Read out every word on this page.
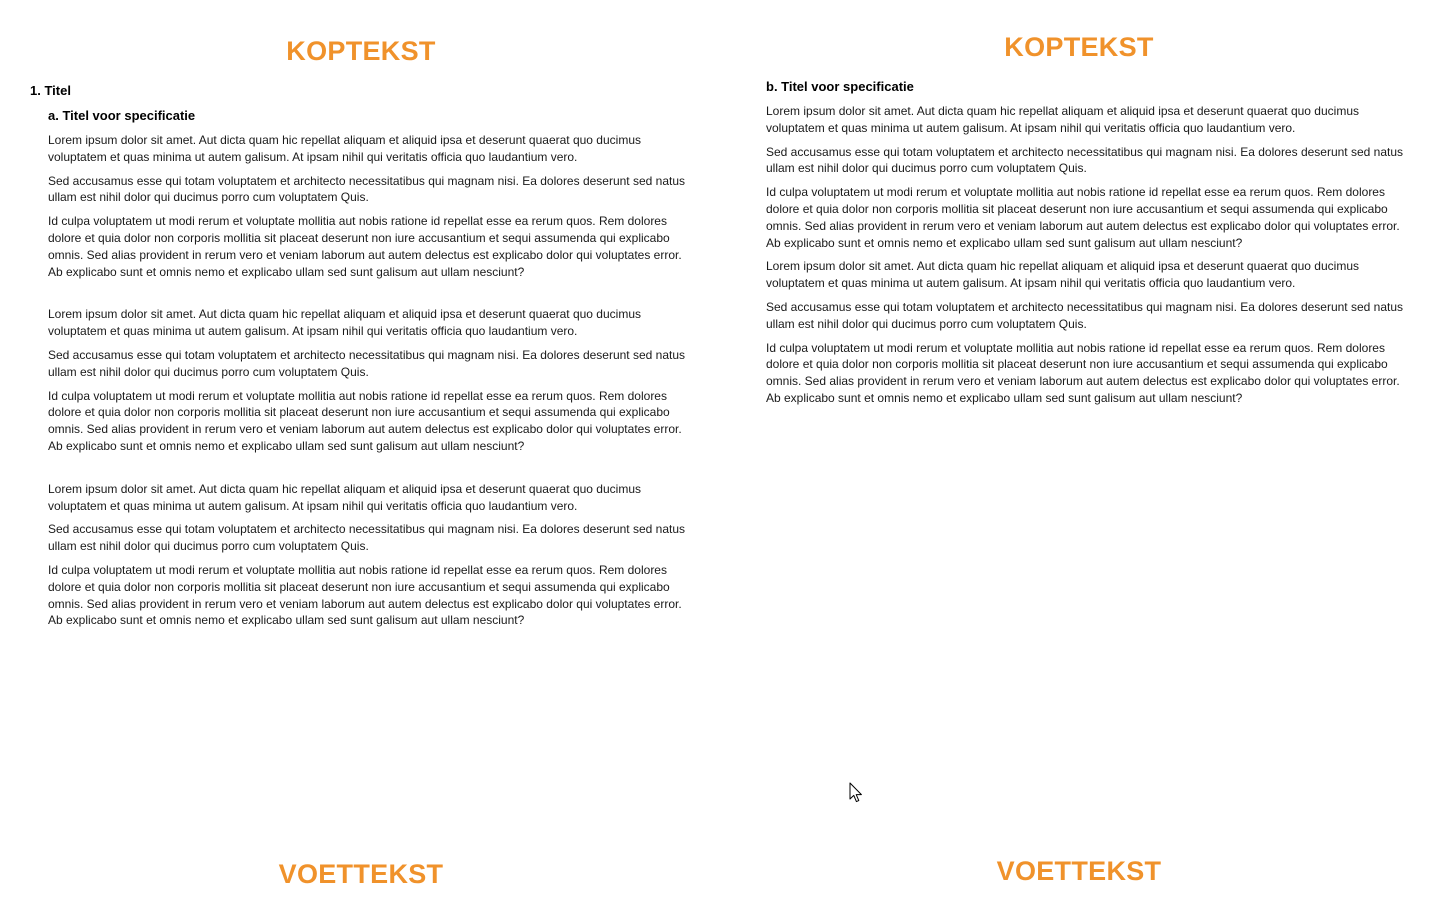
KOPTEKST
1. Titel
a. Titel voor specificatie

Lorem ipsum dolor sit amet. Aut dicta quam hic repellat aliquam et aliquid ipsa et deserunt quaerat quo ducimus voluptatem et quas minima ut autem galisum. At ipsam nihil qui veritatis officia quo laudantium vero.

Sed accusamus esse qui totam voluptatem et architecto necessitatibus qui magnam nisi. Ea dolores deserunt sed natus ullam est nihil dolor qui ducimus porro cum voluptatem Quis.

Id culpa voluptatem ut modi rerum et voluptate mollitia aut nobis ratione id repellat esse ea rerum quos. Rem dolores dolore et quia dolor non corporis mollitia sit placeat deserunt non iure accusantium et sequi assumenda qui explicabo omnis. Sed alias provident in rerum vero et veniam laborum aut autem delectus est explicabo dolor qui voluptates error. Ab explicabo sunt et omnis nemo et explicabo ullam sed sunt galisum aut ullam nesciunt?

Lorem ipsum dolor sit amet. Aut dicta quam hic repellat aliquam et aliquid ipsa et deserunt quaerat quo ducimus voluptatem et quas minima ut autem galisum. At ipsam nihil qui veritatis officia quo laudantium vero.

Sed accusamus esse qui totam voluptatem et architecto necessitatibus qui magnam nisi. Ea dolores deserunt sed natus ullam est nihil dolor qui ducimus porro cum voluptatem Quis.

Id culpa voluptatem ut modi rerum et voluptate mollitia aut nobis ratione id repellat esse ea rerum quos. Rem dolores dolore et quia dolor non corporis mollitia sit placeat deserunt non iure accusantium et sequi assumenda qui explicabo omnis. Sed alias provident in rerum vero et veniam laborum aut autem delectus est explicabo dolor qui voluptates error. Ab explicabo sunt et omnis nemo et explicabo ullam sed sunt galisum aut ullam nesciunt?

Lorem ipsum dolor sit amet. Aut dicta quam hic repellat aliquam et aliquid ipsa et deserunt quaerat quo ducimus voluptatem et quas minima ut autem galisum. At ipsam nihil qui veritatis officia quo laudantium vero.

Sed accusamus esse qui totam voluptatem et architecto necessitatibus qui magnam nisi. Ea dolores deserunt sed natus ullam est nihil dolor qui ducimus porro cum voluptatem Quis.

Id culpa voluptatem ut modi rerum et voluptate mollitia aut nobis ratione id repellat esse ea rerum quos. Rem dolores dolore et quia dolor non corporis mollitia sit placeat deserunt non iure accusantium et sequi assumenda qui explicabo omnis. Sed alias provident in rerum vero et veniam laborum aut autem delectus est explicabo dolor qui voluptates error. Ab explicabo sunt et omnis nemo et explicabo ullam sed sunt galisum aut ullam nesciunt?

VOETTEKST
KOPTEKST
b. Titel voor specificatie

Lorem ipsum dolor sit amet. Aut dicta quam hic repellat aliquam et aliquid ipsa et deserunt quaerat quo ducimus voluptatem et quas minima ut autem galisum. At ipsam nihil qui veritatis officia quo laudantium vero.

Sed accusamus esse qui totam voluptatem et architecto necessitatibus qui magnam nisi. Ea dolores deserunt sed natus ullam est nihil dolor qui ducimus porro cum voluptatem Quis.

Id culpa voluptatem ut modi rerum et voluptate mollitia aut nobis ratione id repellat esse ea rerum quos. Rem dolores dolore et quia dolor non corporis mollitia sit placeat deserunt non iure accusantium et sequi assumenda qui explicabo omnis. Sed alias provident in rerum vero et veniam laborum aut autem delectus est explicabo dolor qui voluptates error. Ab explicabo sunt et omnis nemo et explicabo ullam sed sunt galisum aut ullam nesciunt?

Lorem ipsum dolor sit amet. Aut dicta quam hic repellat aliquam et aliquid ipsa et deserunt quaerat quo ducimus voluptatem et quas minima ut autem galisum. At ipsam nihil qui veritatis officia quo laudantium vero.

Sed accusamus esse qui totam voluptatem et architecto necessitatibus qui magnam nisi. Ea dolores deserunt sed natus ullam est nihil dolor qui ducimus porro cum voluptatem Quis.

Id culpa voluptatem ut modi rerum et voluptate mollitia aut nobis ratione id repellat esse ea rerum quos. Rem dolores dolore et quia dolor non corporis mollitia sit placeat deserunt non iure accusantium et sequi assumenda qui explicabo omnis. Sed alias provident in rerum vero et veniam laborum aut autem delectus est explicabo dolor qui voluptates error. Ab explicabo sunt et omnis nemo et explicabo ullam sed sunt galisum aut ullam nesciunt?

VOETTEKST
